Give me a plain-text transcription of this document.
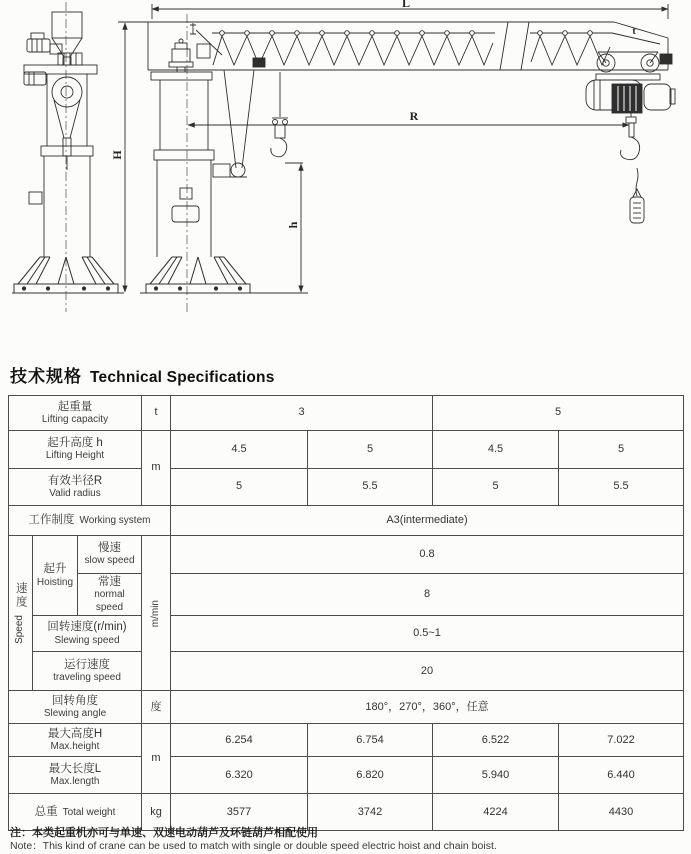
L
R
H
h
t
技术规格 Technical Specifications
起重量
Lifting capacity			t	3		5	

起升高度 h
Lifting Height			m	4.5	5	4.5	5

有效半径R
Valid radius				5	5.5	5	5.5
工作制度 Working system				A3(intermediate)			

速度
Speed	起升
Hoisting	慢速
slow speed	m/min	0.8			

		常速
normal speed		8			

	回转速度(r/min)
Slewing speed			0.5~1			

	运行速度
traveling speed			20			

回转角度
Slewing angle			度	180°，270°，360°，任意			

最大高度H
Max.height			m	6.254	6.754	6.522	7.022

最大长度L
Max.length				6.320	6.820	5.940	6.440
总重 Total weight			kg	3577	3742	4224	4430
注：本类起重机亦可与单速、双速电动葫芦及环链葫芦相配使用
Note：This kind of crane can be used to match with single or double speed electric hoist and chain boist.
